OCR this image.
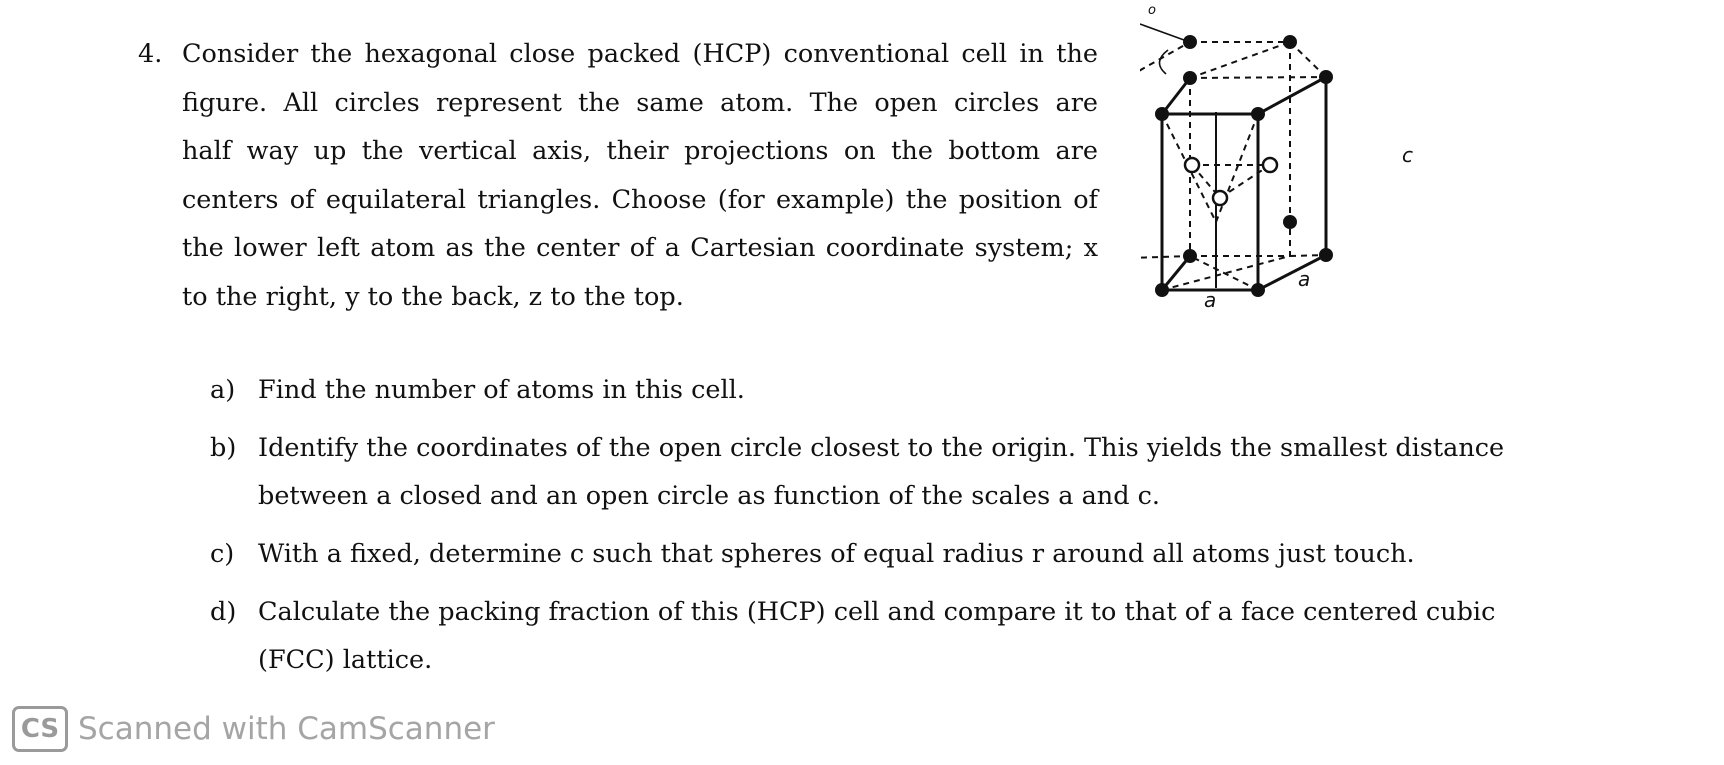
4. Consider the hexagonal close packed (HCP) conventional cell in the
figure. All circles represent the same atom. The open circles are
half way up the vertical axis, their projections on the bottom are
centers of equilateral triangles. Choose (for example) the position of
the lower left atom as the center of a Cartesian coordinate system; x
to the right, y to the back, z to the top.
o
c
a
a
a) Find the number of atoms in this cell.
b) Identify the coordinates of the open circle closest to the origin. This yields the smallest distance between a closed and an open circle as function of the scales a and c.
c) With a fixed, determine c such that spheres of equal radius r around all atoms just touch.
d) Calculate the packing fraction of this (HCP) cell and compare it to that of a face centered cubic (FCC) lattice.
CS Scanned with CamScanner
